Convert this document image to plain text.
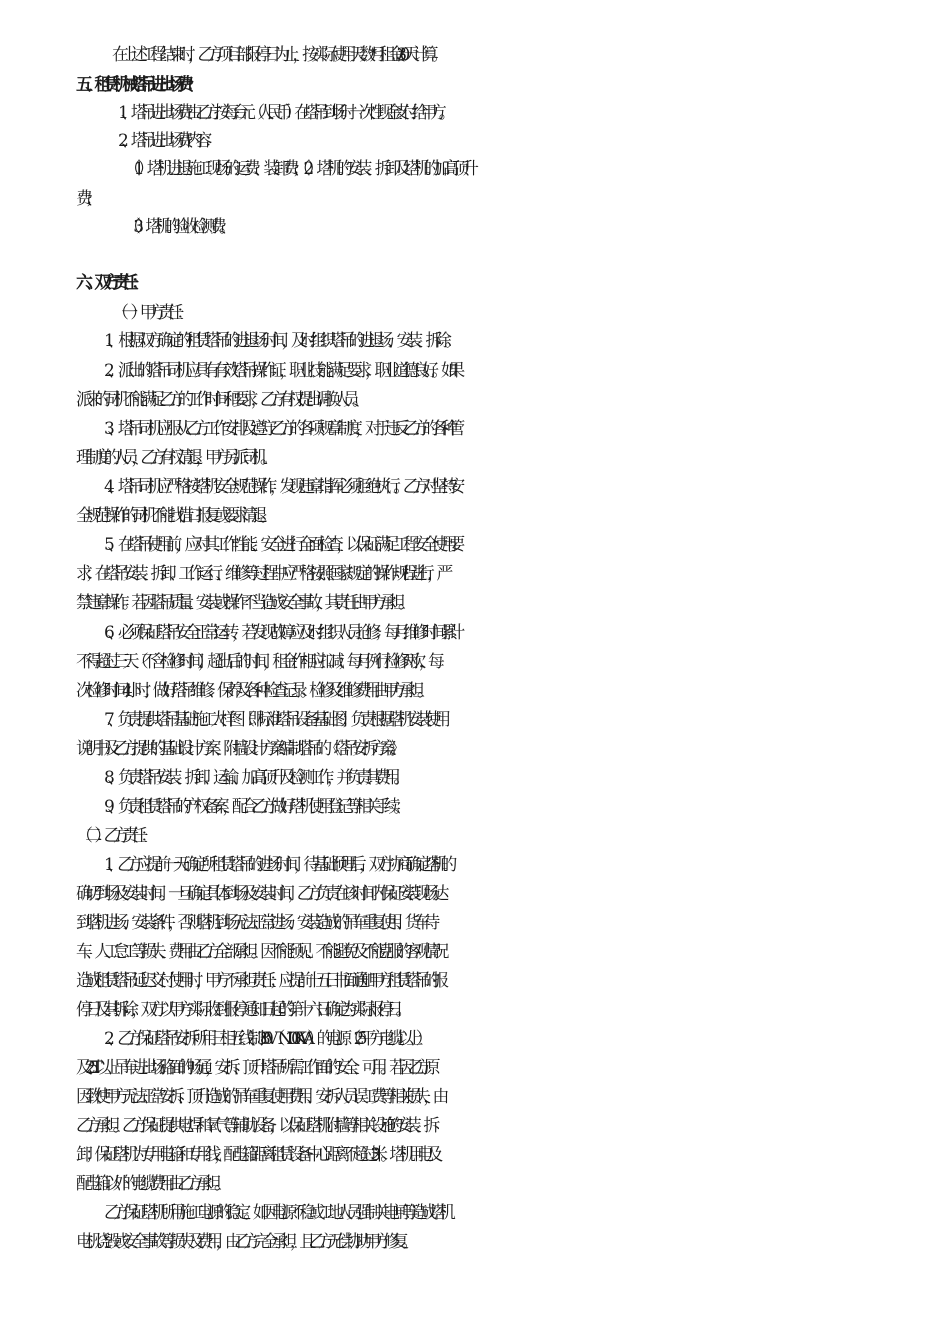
在上述工程结束时，乙方项目部报停日为止，按实际使用天数*月租金/30天计算。

五、租赁机械塔吊进出场费：

1、　塔吊进出场费由乙方按每台 元（人民币）在塔吊到场时一次性现金 支付给甲方。

2、　塔吊进出场费内容：

（1）塔机进退施工现场的运费、装卸费；（2）塔机的安装、拆卸及塔机的加高顶升

费；

（3）塔机的验收检测费。

六、双方责任：

（一）甲方责任：

1、　根据双方确定的租赁塔吊的进退场时间，及时组织塔吊的进退场、安装、拆除。

2、　派出的塔吊司机应具有有效塔吊操作证，职业技能满足要求，职业道德良好。如 果

派来的司机不能满足乙方的工作时间和要求，乙方有权提出调换人员。

3、　塔吊司机应服从乙方工作安排及遵守乙方的各项规章制度，对于违反乙方的各种 管

理制度的人员，乙方有权清退，甲方另派司机。

4、　塔吊司机应严格按塔机安全规范操作，发现违章指挥必须拒绝执行。乙方对坚持 安

全规范操作的司机不能找借口报复或要求清退。

5、　在塔吊使用前，应对其工作性能、安全进行全面检查，以保证满足工程安全使用 要

求；在塔吊安装、拆卸、工作运行、维修等过程中应严格按照国家规定的操作规程进 行，严

禁违章操作。若因塔吊质量、安装或操作不当造成安全事故，其责任由甲方承担。

6、　必须保证塔吊安全正常运转，若发现故障应及时组织人员抢修；每月维修时间累 计

不得超过三天（不含检修时间），超出后的时间，租金作相应扣减；每月例行检修两 次，每

次检修时间4小时；做好塔吊维修、保养及各种检查记录。检修及维修费用由甲 方承担。

7、　负责提供塔吊基础施工大样图（即标准塔吊设备基础图）；负责根据塔机安装使用

说明书及乙方提供的基础设计方案、附墙设计方案编制塔吊的《塔吊安拆方案》。

8、　负责塔吊安装、拆卸、运输、加高顶升及检测工作，并负责其费用。

9、　负责租赁塔吊的产权备案，配合乙方做好塔机使用登记等相关手续。

（二）乙方责任：

1、　乙方应提前一天确定所租赁塔吊的进场时间，待基础预埋后，双方协商确定塔 机的

确切到场及安装时间。一旦确定具体到场及安装时间，乙方负责在该时间内保证安 装现场达

到塔机进场、安装条件，否则塔机到场无法正常进场、安装造成的吊车重复使 用、货车待

车、人工怠工等损失、费用由乙方全部承担。因不能预见、不能避免及不能 克服的客观情况

造成租赁塔吊延迟交付使用时，甲方不承担责任；应提前十五日书面通 知甲方租赁塔吊的报

停日及其拆除，双方以甲方实际收到报停通知日起的第十六日确定 为实际报停日。

2、　乙方保证塔吊安拆所用三相五线制380V （N100KVA）的电源（25平方电缆以上）

及25T以上吊车进出场路面的畅通，安拆、顶升塔吊所需工作面的安全、可用。若因乙 方原

因致使甲方无法正常安拆、顶升造成的吊车重复使用费用、安拆人员误工费等相关 损失，由

乙方承担。乙方保证提供电焊和氧气等辅助设备，以保证塔机附墙等相关设施 的安装、拆

卸；保证塔机为专用电箱和专用线，配电箱距离租赁设备中心距离不超过3 米。塔机用电及

配电箱以外的电缆费用由乙方承担。

乙方保证塔机所用施工电源的稳定。如因电源不稳或工地人员强制关电闸等造成塔机

电机烧毁或安全事故等损失及费用，由乙方完全承担，且乙方无偿协助甲方修复。
